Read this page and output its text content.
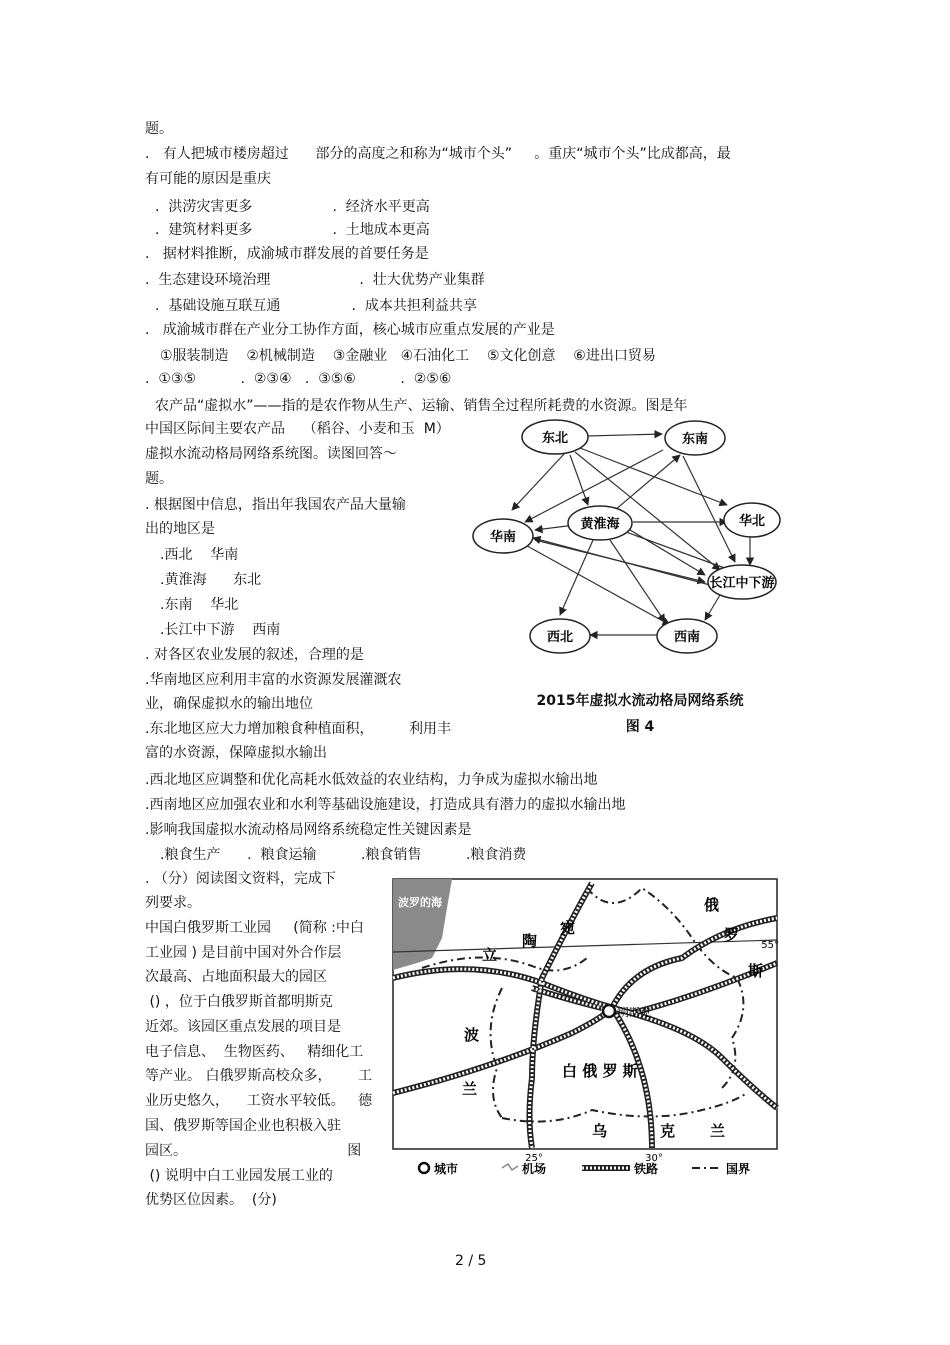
题。
.   有人把城市楼房超过      部分的高度之和称为“城市个头”     。重庆“城市个头”比成都高，最
有可能的原因是重庆
.  洪涝灾害更多                  .  经济水平更高
.  建筑材料更多                  .  土地成本更高
.   据材料推断，成渝城市群发展的首要任务是
.  生态建设环境治理                    .  壮大优势产业集群
.  基础设施互联互通                .  成本共担利益共享
.   成渝城市群在产业分工协作方面，核心城市应重点发展的产业是
①服装制造    ②机械制造    ③金融业   ④石油化工    ⑤文化创意    ⑥进出口贸易
.  ①③⑤          .  ②③④   .  ③⑤⑥          .  ②⑤⑥
农产品“虚拟水”——指的是农作物从生产、运输、销售全过程所耗费的水资源。图是年
中国区际间主要农产品    （稻谷、小麦和玉  M）
虚拟水流动格局网络系统图。读图回答～
题。
. 根据图中信息，指出年我国农产品大量输
出的地区是
.西北    华南
.黄淮海      东北
.东南    华北
.长江中下游    西南
. 对各区农业发展的叙述，合理的是
.华南地区应利用丰富的水资源发展灌溉农
业，确保虚拟水的输出地位
.东北地区应大力增加粮食种植面积，        利用丰
富的水资源，保障虚拟水输出
.西北地区应调整和优化高耗水低效益的农业结构，力争成为虚拟水输出地
.西南地区应加强农业和水利等基础设施建设，打造成具有潜力的虚拟水输出地
.影响我国虚拟水流动格局网络系统稳定性关键因素是
.粮食生产      .  粮食运输          .粮食销售          .粮食消费
. （分）阅读图文资料，完成下
列要求。
中国白俄罗斯工业园     (简称 :中白
工业园 ) 是目前中国对外合作层
次最高、占地面积最大的园区
() ，位于白俄罗斯首都明斯克
近郊。该园区重点发展的项目是
电子信息、  生物医药、   精细化工
等产业。 白俄罗斯高校众多，      工
业历史悠久，    工资水平较低。   德
国、俄罗斯等国企业也积极入驻
园区。                                    图
() 说明中白工业园发展工业的
优势区位因素。  (分)
东北	东南
黄淮海
华南
华北
长江中下游
西北	西南
2015年虚拟水流动格局网络系统
图 4
明斯克
波罗的海	俄
罗
斯
立
陶
宛
波
兰
白 俄 罗 斯
乌	克 兰
55°
25°	30°
城市	机场	铁路	国界
2 / 5
